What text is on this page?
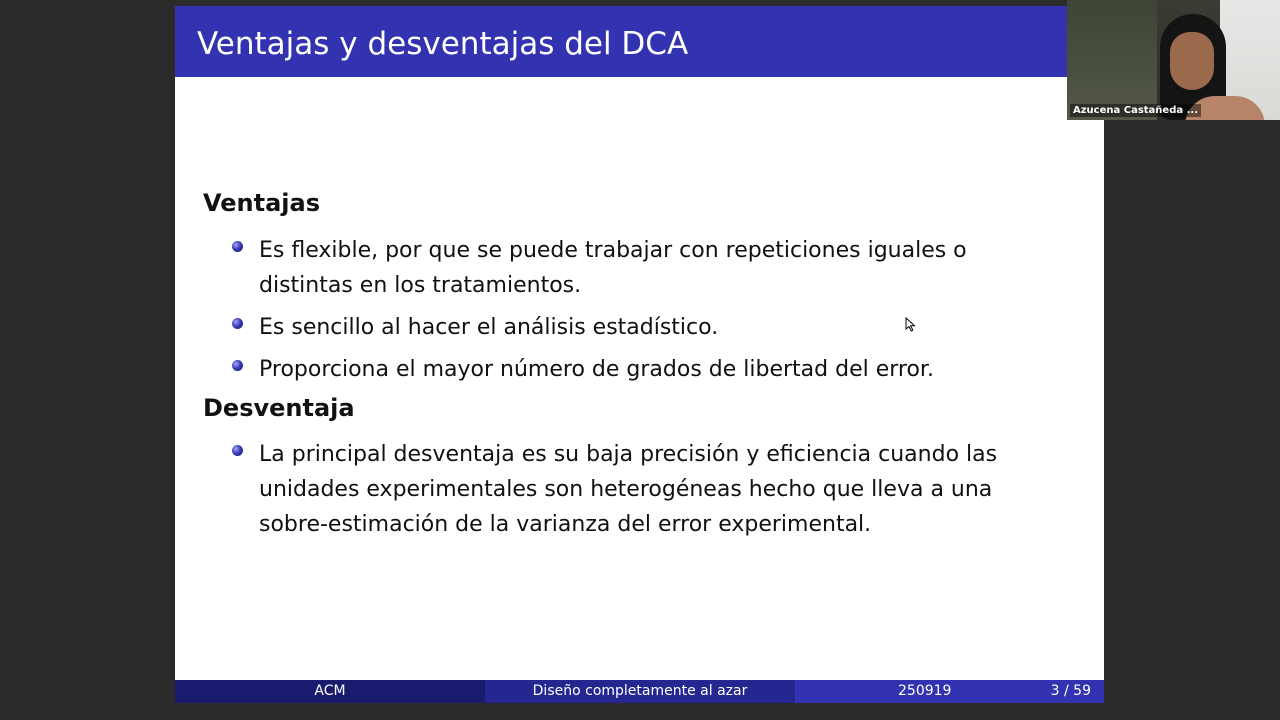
Ventajas y desventajas del DCA
Ventajas
Es flexible, por que se puede trabajar con repeticiones iguales o distintas en los tratamientos.
Es sencillo al hacer el análisis estadístico.
Proporciona el mayor número de grados de libertad del error.
Desventaja
La principal desventaja es su baja precisión y eficiencia cuando las unidades experimentales son heterogéneas hecho que lleva a una sobre-estimación de la varianza del error experimental.
ACM	Diseño completamente al azar	250919	3 / 59
Azucena Castañeda ...
